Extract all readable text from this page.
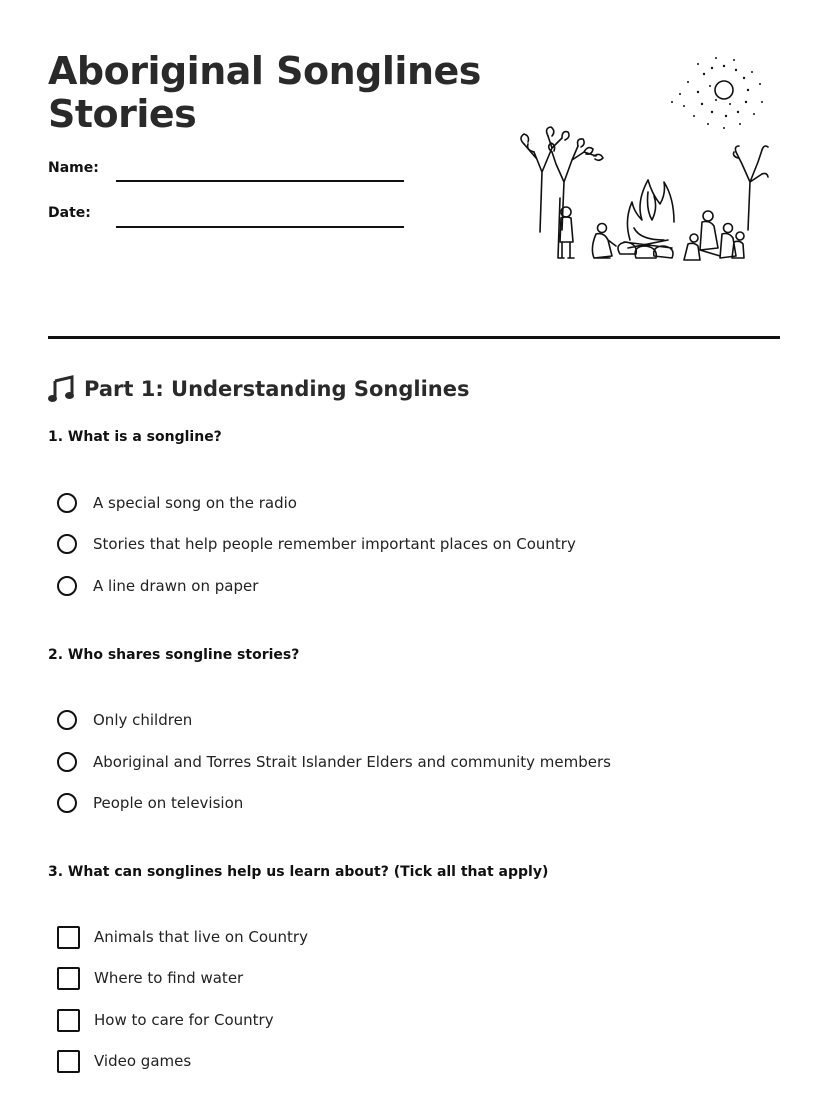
Aboriginal Songlines
Stories
Name:
Date:
Part 1: Understanding Songlines
1. What is a songline?
A special song on the radio
Stories that help people remember important places on Country
A line drawn on paper
2. Who shares songline stories?
Only children
Aboriginal and Torres Strait Islander Elders and community members
People on television
3. What can songlines help us learn about? (Tick all that apply)
Animals that live on Country
Where to find water
How to care for Country
Video games
